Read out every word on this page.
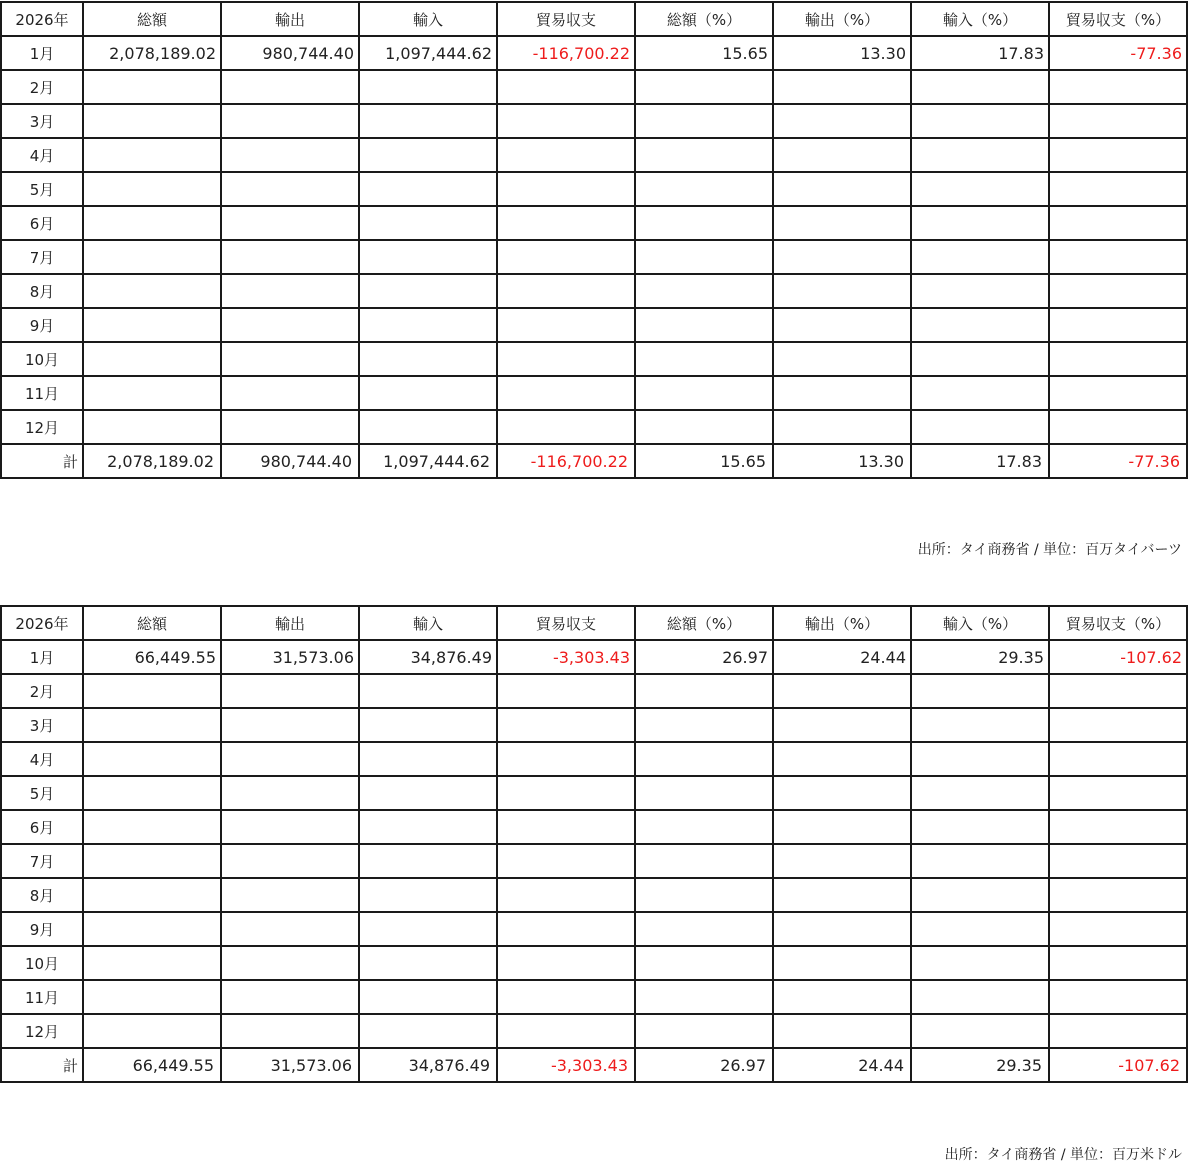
2026年	総額	輸出	輸入	貿易収支	総額（%）	輸出（%）	輸入（%）	貿易収支（%）
1月	2,078,189.02	980,744.40	1,097,444.62	-116,700.22	15.65	13.30	17.83	-77.36
2月								
3月								
4月								
5月								
6月								
7月								
8月								
9月								
10月								
11月								
12月								
計	2,078,189.02	980,744.40	1,097,444.62	-116,700.22	15.65	13.30	17.83	-77.36
出所：タイ商務省 / 単位：百万タイバーツ
2026年	総額	輸出	輸入	貿易収支	総額（%）	輸出（%）	輸入（%）	貿易収支（%）
1月	66,449.55	31,573.06	34,876.49	-3,303.43	26.97	24.44	29.35	-107.62
2月								
3月								
4月								
5月								
6月								
7月								
8月								
9月								
10月								
11月								
12月								
計	66,449.55	31,573.06	34,876.49	-3,303.43	26.97	24.44	29.35	-107.62
出所：タイ商務省 / 単位：百万米ドル
